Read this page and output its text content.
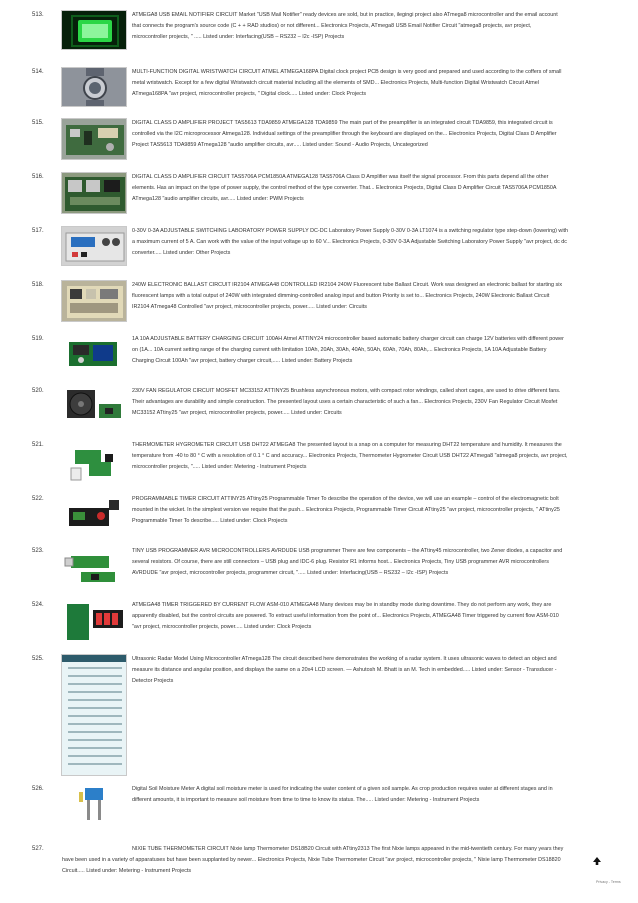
513.	ATMEGA8 USB EMAIL NOTIFIER CIRCUIT Market "USB Mail Notifier" ready devices are sold, but in practice, ilegingi project also ATmega8 microcontroller and the email account that connects the program's source code (C + + RAD studios) or not different... Electronics Projects, ATmega8 USB Email Notifier Circuit "atmega8 projects, avr project, microcontroller projects, " ..... Listed under: Interfacing(USB – RS232 – I2c -ISP) Projects
514.	MULTI-FUNCTION DIGITAL WRISTWATCH CIRCUIT ATMEL ATMEGA168PA Digital clock project PCB design is very good and prepared and used according to the coffers of small metal wristwatch. Except for a few digital Wristwatch circuit material including all the elements of SMD... Electronics Projects, Multi-function Digital Wristwatch Circuit Atmel ATmega168PA "avr project, microcontroller projects, " Digital clock..... Listed under: Clock Projects
515.	DIGITAL CLASS D AMPLIFIER PROJECT TAS5613 TDA9859 ATMEGA128 TDA9859 The main part of the preamplifier is an integrated circuit TDA9859, this integrated circuit is controlled via the I2C microprocessor Atmega128. Individual settings of the preamplifier through the keyboard are displayed on the... Electronics Projects, Digital Class D Amplifier Project TAS5613 TDA9859 ATmega128 "audio amplifier circuits, avr..... Listed under: Sound - Audio Projects, Uncategorized
516.	DIGITAL CLASS D AMPLIFIER CIRCUIT TAS5706A PCM1850A ATMEGA128 TAS5706A Class D Amplifier was itself the signal processor. From this parts depend all the other elements. Has an impact on the type of power supply, the control method of the type converter. That... Electronics Projects, Digital Class D Amplifier Circuit TAS5706A PCM1850A ATmega128 "audio amplifier circuits, avr..... Listed under: PWM Projects
517.	0-30V 0-3A ADJUSTABLE SWITCHING LABORATORY POWER SUPPLY DC-DC Laboratory Power Supply 0-30V 0-3A LT1074 is a switching regulator type step-down (lowering) with a maximum current of 5 A. Can work with the value of the input voltage up to 60 V... Electronics Projects, 0-30V 0-3A Adjustable Switching Laboratory Power Supply "avr project, dc dc converter..... Listed under: Other Projects
518.	240W ELECTRONIC BALLAST CIRCUIT IR2104 ATMEGA48 CONTROLLED IR2104 240W Fluorescent tube Ballast Circuit. Work was designed an electronic ballast for starting six fluorescent lamps with a total output of 240W with integrated dimming-controlled analog input and button Priority is set to... Electronics Projects, 240W Electronic Ballast Circuit IR2104 ATmega48 Controlled "avr project, microcontroller projects, power..... Listed under: Circuits
519.	1A 10A ADJUSTABLE BATTERY CHARGING CIRCUIT 100AH Atmel ATTINY24 microcontroller based automatic battery charger circuit can charge 12V batteries with different power on (1A... 10A current setting range of the charging current with limitation 10Ah, 20Ah, 30Ah, 40Ah, 50Ah, 60Ah, 70Ah, 80Ah,... Electronics Projects, 1A 10A Adjustable Battery Charging Circuit 100Ah "avr project, battery charger circuit,..... Listed under: Battery Projects
520.	230V FAN REGULATOR CIRCUIT MOSFET MC33152 ATTINY25 Brushless asynchronous motors, with compact rotor windings, called short cages, are used to drive different fans. Their advantages are durability and simple construction. The presented layout uses a certain characteristic of such a fan... Electronics Projects, 230V Fan Regulator Circuit Mosfet MC33152 ATtiny25 "avr project, microcontroller projects, power..... Listed under: Circuits
521.	THERMOMETER HYGROMETER CIRCUIT USB DHT22 ATMEGA8 The presented layout is a snap on a computer for measuring DHT22 temperature and humidity. It measures the temperature from -40 to 80 ° C with a resolution of 0.1 ° C and accuracy... Electronics Projects, Thermometer Hygrometer Circuit USB DHT22 ATmega8 "atmega8 projects, avr project, microcontroller projects, "..... Listed under: Metering - Instrument Projects
522.	PROGRAMMABLE TIMER CIRCUIT ATTINY25 ATtiny25 Programmable Timer To describe the operation of the device, we will use an example – control of the electromagnetic bolt mounted in the wicket. In the simplest version we require that the push... Electronics Projects, Programmable Timer Circuit ATtiny25 "avr project, microcontroller projects, " ATtiny25 Programmable Timer To describe..... Listed under: Clock Projects
523.	TINY USB PROGRAMMER AVR MICROCONTROLLERS AVRDUDE USB programmer There are few components – the ATtiny45 microcontroller, two Zener diodes, a capacitor and several resistors. Of course, there are still connectors – USB plug and IDC-6 plug. Resistor R1 informs host... Electronics Projects, Tiny USB programmer AVR microcontrollers AVRDUDE "avr project, microcontroller projects, programmer circuit, "..... Listed under: Interfacing(USB – RS232 – I2c -ISP) Projects
524.	ATMEGA48 TIMER TRIGGERED BY CURRENT FLOW ASM-010 ATMEGA48 Many devices may be in standby mode during downtime. They do not perform any work, they are apparently disabled, but the control circuits are powered. To extract useful information from the point of... Electronics Projects, ATMEGA48 Timer triggered by current flow ASM-010 "avr project, microcontroller projects, power..... Listed under: Clock Projects
525.	Ultrasonic Radar Model Using Microcontroller ATmega128 The circuit described here demonstrates the working of a radar system. It uses ultrasonic waves to detect an object and measure its distance and angular position, and displays the same on a 20x4 LCD screen. — Ashutosh M. Bhatt is an M. Tech in embedded..... Listed under: Sensor - Transducer - Detector Projects
526.	Digital Soil Moisture Meter A digital soil moisture meter is used for indicating the water content of a given soil sample. As crop production requires water at different stages and in different amounts, it is important to measure soil moisture from time to time to know its status. The..... Listed under: Metering - Instrument Projects
527.	NIXIE TUBE THERMOMETER CIRCUIT Nixie lamp Thermometer DS18B20 Circuit with ATtiny2313 The first Nixie lamps appeared in the mid-twentieth century. For many years they have been used in a variety of apparatuses but have been supplanted by newer... Electronics Projects, Nixie Tube Thermometer Circuit "avr project, microcontroller projects, " Nixie lamp Thermometer DS18820 Circuit..... Listed under: Metering - Instrument Projects
Privacy - Terms
